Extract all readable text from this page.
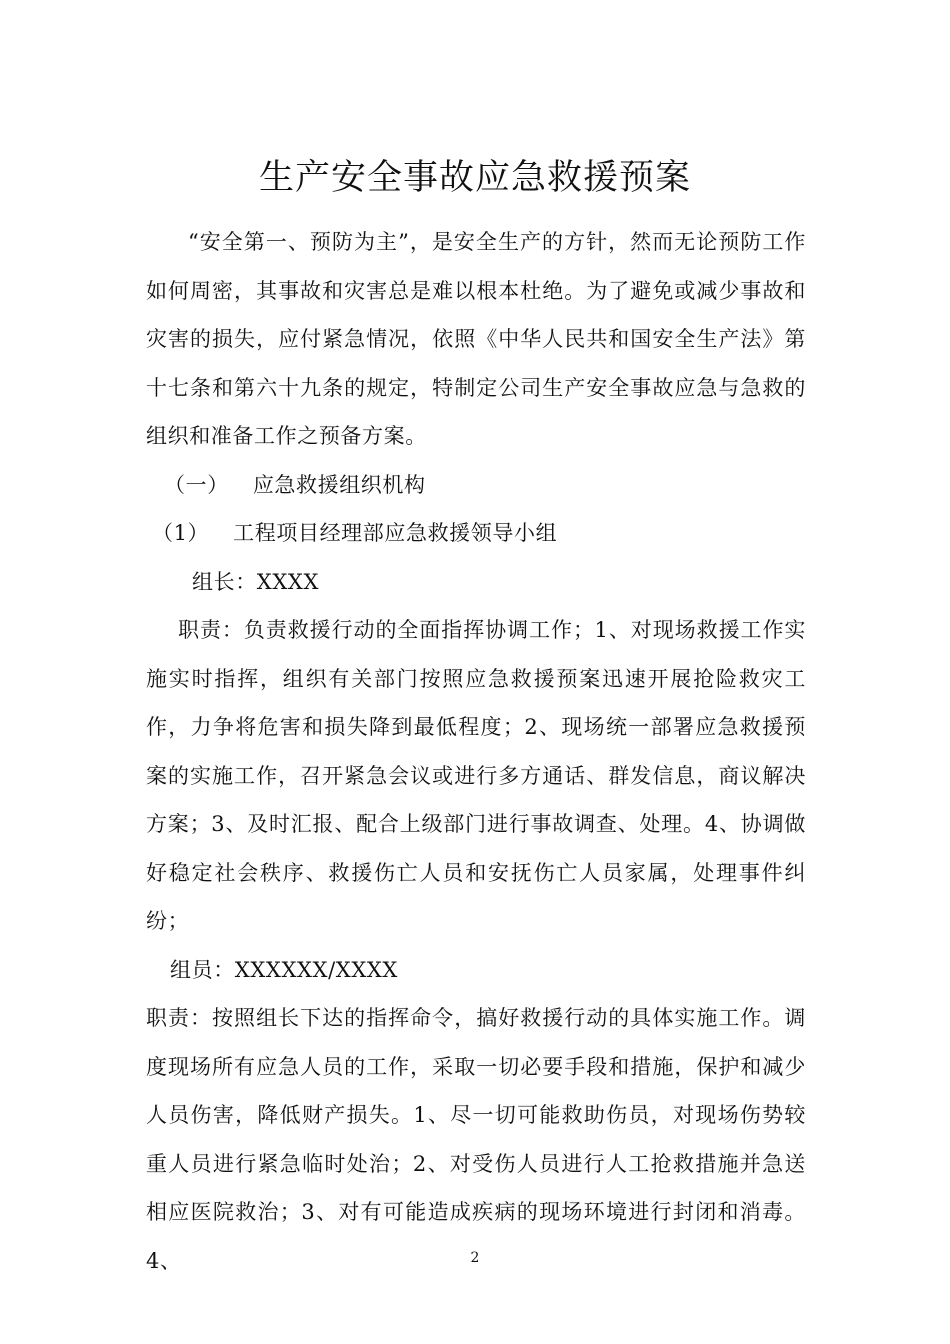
生产安全事故应急救援预案

“安全第一、预防为主”，是安全生产的方针，然而无论预防工作如何周密，其事故和灾害总是难以根本杜绝。为了避免或减少事故和灾害的损失，应付紧急情况，依照《中华人民共和国安全生产法》第十七条和第六十九条的规定，特制定公司生产安全事故应急与急救的组织和准备工作之预备方案。

（一） 应急救援组织机构

（1） 工程项目经理部应急救援领导小组

组长：XXXX

职责：负责救援行动的全面指挥协调工作；1、对现场救援工作实施实时指挥，组织有关部门按照应急救援预案迅速开展抢险救灾工作，力争将危害和损失降到最低程度；2、现场统一部署应急救援预案的实施工作，召开紧急会议或进行多方通话、群发信息，商议解决方案；3、及时汇报、配合上级部门进行事故调查、处理。4、协调做好稳定社会秩序、救援伤亡人员和安抚伤亡人员家属，处理事件纠纷；

组员：XXXXXX/XXXX

职责：按照组长下达的指挥命令，搞好救援行动的具体实施工作。调度现场所有应急人员的工作，采取一切必要手段和措施，保护和减少人员伤害，降低财产损失。1、尽一切可能救助伤员，对现场伤势较重人员进行紧急临时处治；2、对受伤人员进行人工抢救措施并急送相应医院救治；3、对有可能造成疾病的现场环境进行封闭和消毒。4、	2
